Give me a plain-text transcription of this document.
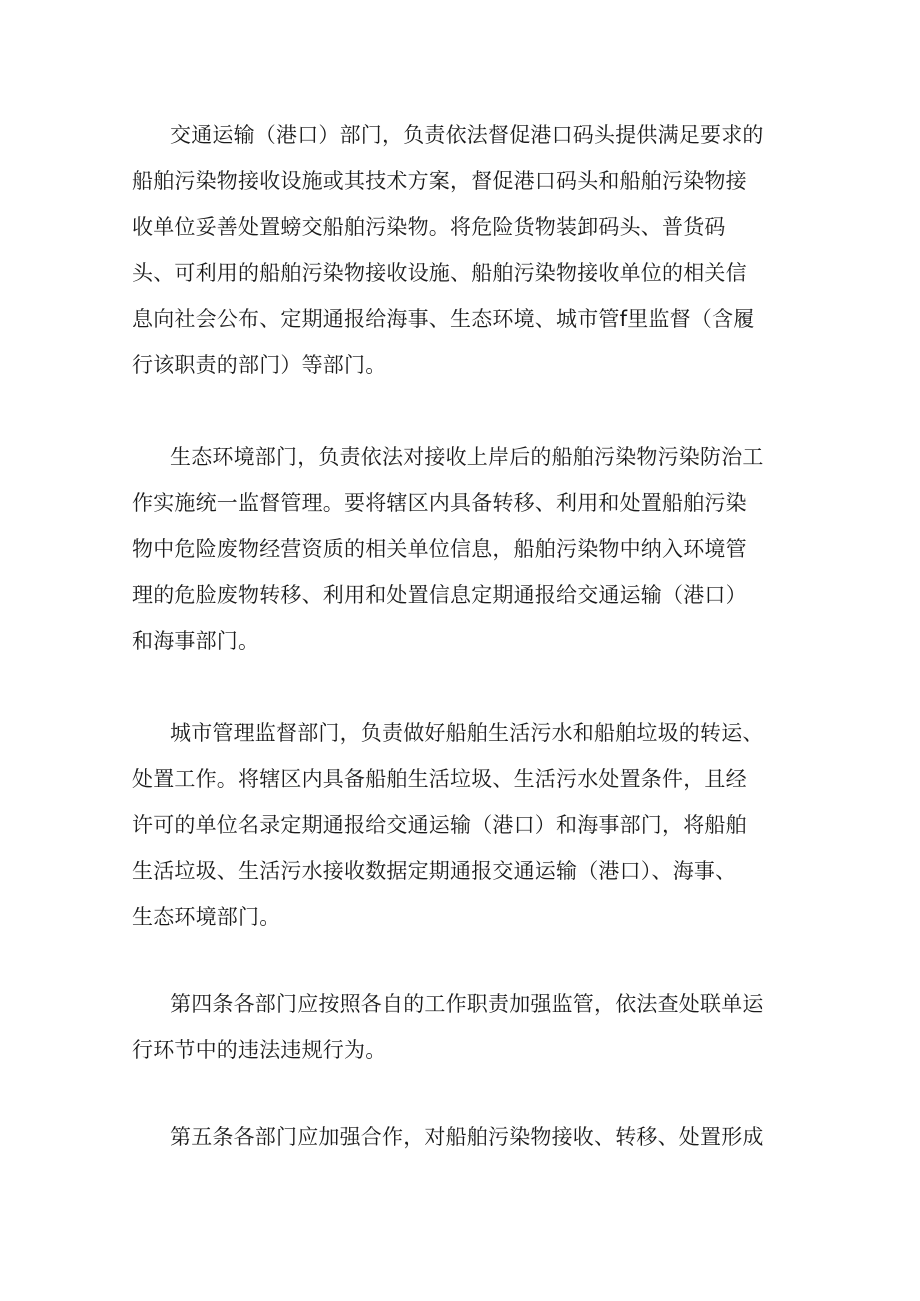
交通运输（港口）部门，负责依法督促港口码头提供满足要求的
船舶污染物接收设施或其技术方案，督促港口码头和船舶污染物接
收单位妥善处置螃交船舶污染物。将危险货物装卸码头、普货码
头、可利用的船舶污染物接收设施、船舶污染物接收单位的相关信
息向社会公布、定期通报给海事、生态环境、城市管f里监督（含履
行该职责的部门）等部门。
生态环境部门，负责依法对接收上岸后的船舶污染物污染防治工
作实施统一监督管理。要将辖区内具备转移、利用和处置船舶污染
物中危险废物经营资质的相关单位信息，船舶污染物中纳入环境管
理的危脸废物转移、利用和处置信息定期通报给交通运输（港口）
和海事部门。
城市管理监督部门，负责做好船舶生活污水和船舶垃圾的转运、
处置工作。将辖区内具备船舶生活垃圾、生活污水处置条件，且经
许可的单位名录定期通报给交通运输（港口）和海事部门，将船舶
生活垃圾、生活污水接收数据定期通报交通运输（港口）、海事、
生态环境部门。
第四条各部门应按照各自的工作职责加强监管，依法查处联单运
行环节中的违法违规行为。
第五条各部门应加强合作，对船舶污染物接收、转移、处置形成
